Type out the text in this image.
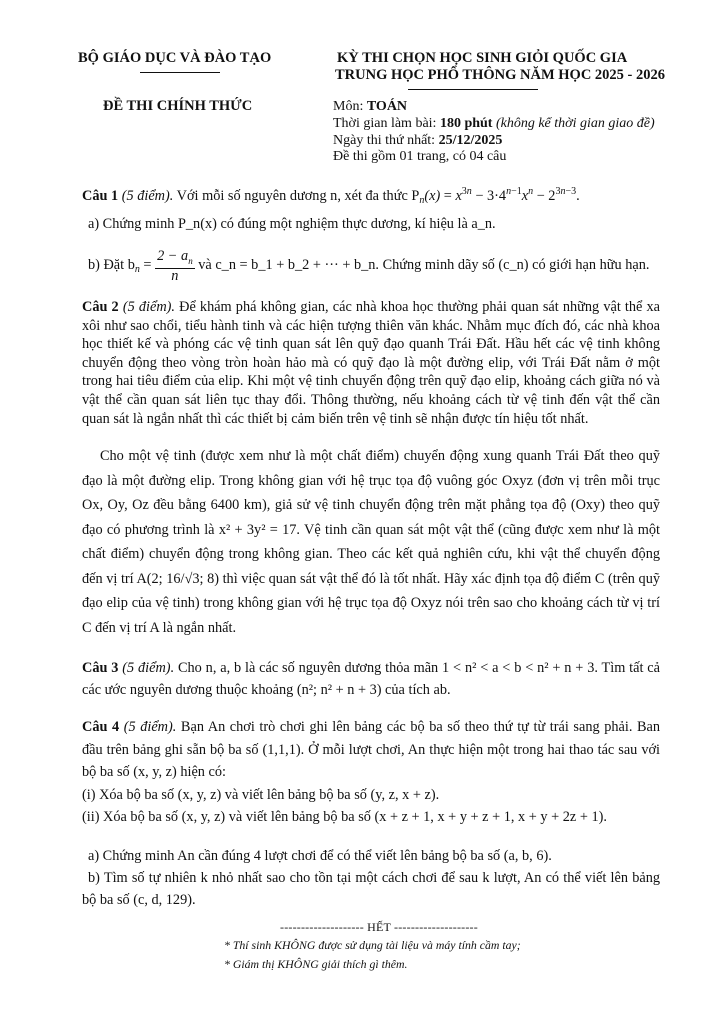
BỘ GIÁO DỤC VÀ ĐÀO TẠO	KỲ THI CHỌN HỌC SINH GIỎI QUỐC GIA
TRUNG HỌC PHỔ THÔNG NĂM HỌC 2025 - 2026
ĐỀ THI CHÍNH THỨC	Môn: TOÁN
Thời gian làm bài: 180 phút (không kể thời gian giao đề)
Ngày thi thứ nhất: 25/12/2025
Đề thi gồm 01 trang, có 04 câu
Câu 1 (5 điểm). Với mỗi số nguyên dương n, xét đa thức $P_n(x) = x^{3n} - 3\cdot 4^{n-1}x^n - 2^{3n-3}$.
a) Chứng minh P_n(x) có đúng một nghiệm thực dương, kí hiệu là a_n.
b) Đặt $b_n = \frac{2 - a_n}{n}$ và c_n = b_1 + b_2 + ··· + b_n. Chứng minh dãy số (c_n) có giới hạn hữu hạn.
Câu 2 (5 điểm). Để khám phá không gian, các nhà khoa học thường phải quan sát những vật thể xa xôi như sao chổi, tiểu hành tinh và các hiện tượng thiên văn khác. Nhằm mục đích đó, các nhà khoa học thiết kế và phóng các vệ tinh quan sát lên quỹ đạo quanh Trái Đất. Hầu hết các vệ tinh không chuyển động theo vòng tròn hoàn hảo mà có quỹ đạo là một đường elip, với Trái Đất nằm ở một trong hai tiêu điểm của elip. Khi một vệ tinh chuyển động trên quỹ đạo elip, khoảng cách giữa nó và vật thể cần quan sát liên tục thay đổi. Thông thường, nếu khoảng cách từ vệ tinh đến vật thể cần quan sát là ngắn nhất thì các thiết bị cảm biến trên vệ tinh sẽ nhận được tín hiệu tốt nhất.

Cho một vệ tinh (được xem như là một chất điểm) chuyển động xung quanh Trái Đất theo quỹ đạo là một đường elip. Trong không gian với hệ trục tọa độ vuông góc Oxyz (đơn vị trên mỗi trục Ox, Oy, Oz đều bằng 6400 km), giả sử vệ tinh chuyển động trên mặt phẳng tọa độ (Oxy) theo quỹ đạo có phương trình là x² + 3y² = 17. Vệ tinh cần quan sát một vật thể (cũng được xem như là một chất điểm) chuyển động trong không gian. Theo các kết quả nghiên cứu, khi vật thể chuyển động đến vị trí A(2; 16/√3; 8) thì việc quan sát vật thể đó là tốt nhất. Hãy xác định tọa độ điểm C (trên quỹ đạo elip của vệ tinh) trong không gian với hệ trục tọa độ Oxyz nói trên sao cho khoảng cách từ vị trí C đến vị trí A là ngắn nhất.

Câu 3 (5 điểm). Cho n, a, b là các số nguyên dương thỏa mãn 1 < n² < a < b < n² + n + 3. Tìm tất cả các ước nguyên dương thuộc khoảng (n²; n² + n + 3) của tích ab.

Câu 4 (5 điểm). Bạn An chơi trò chơi ghi lên bảng các bộ ba số theo thứ tự từ trái sang phải. Ban đầu trên bảng ghi sẵn bộ ba số (1,1,1). Ở mỗi lượt chơi, An thực hiện một trong hai thao tác sau với bộ ba số (x, y, z) hiện có:

(i) Xóa bộ ba số (x, y, z) và viết lên bảng bộ ba số (y, z, x + z).

(ii) Xóa bộ ba số (x, y, z) và viết lên bảng bộ ba số (x + z + 1, x + y + z + 1, x + y + 2z + 1).

a) Chứng minh An cần đúng 4 lượt chơi để có thể viết lên bảng bộ ba số (a, b, 6).

b) Tìm số tự nhiên k nhỏ nhất sao cho tồn tại một cách chơi để sau k lượt, An có thể viết lên bảng bộ ba số (c, d, 129).

-------------------- HẾT --------------------
* Thí sinh KHÔNG được sử dụng tài liệu và máy tính cầm tay;
* Giám thị KHÔNG giải thích gì thêm.
